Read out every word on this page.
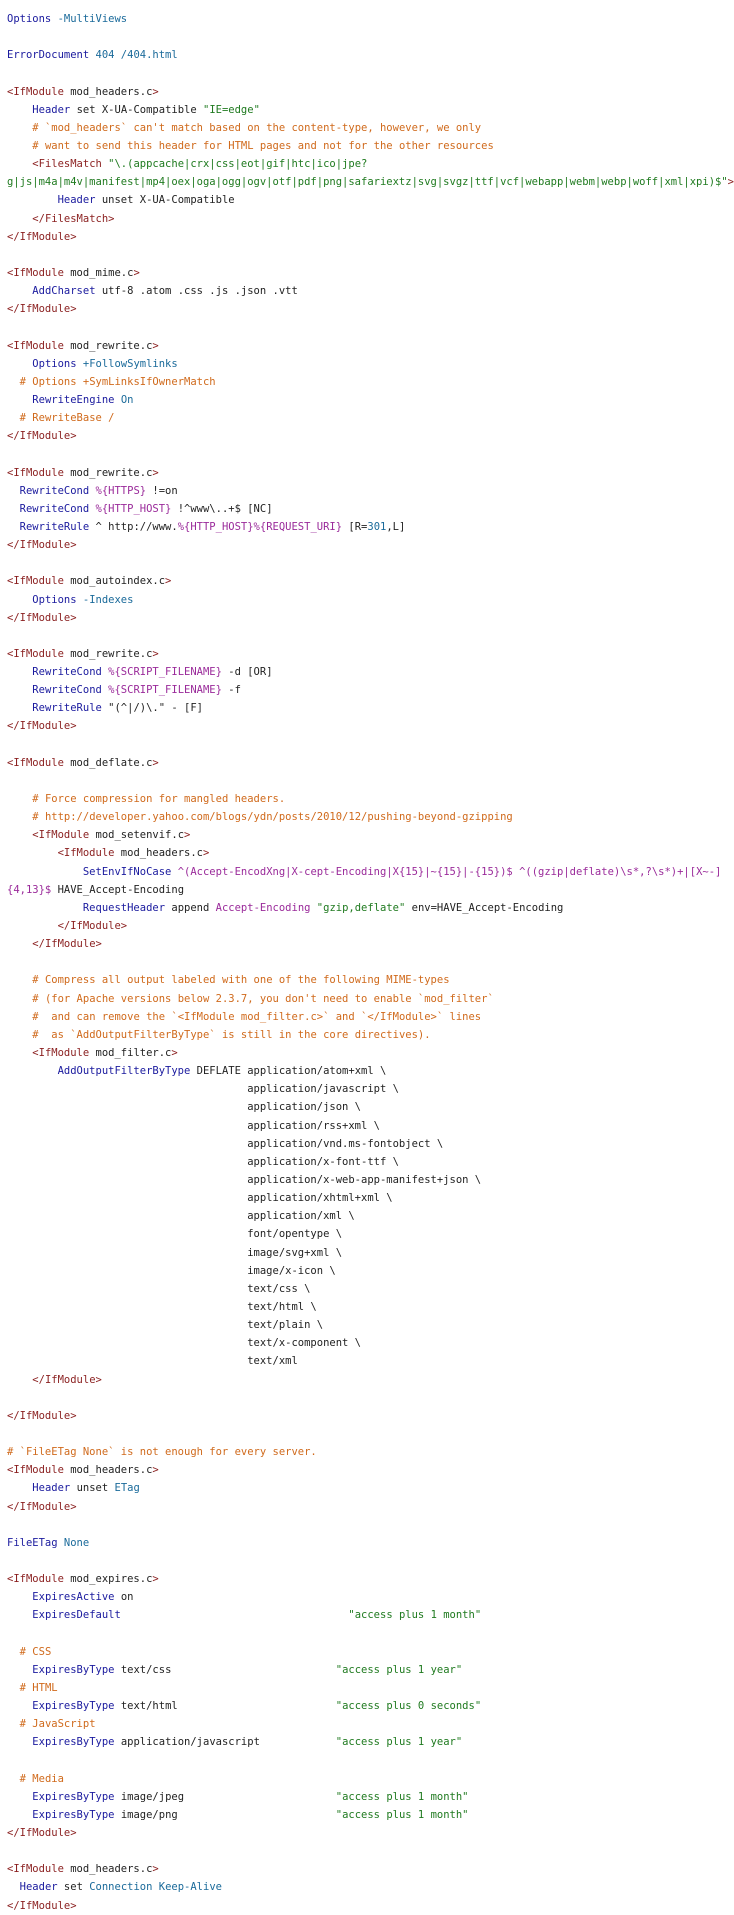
Options -MultiViews
ErrorDocument 404 /404.html
<IfModule mod_headers.c>
Header set X-UA-Compatible "IE=edge"
# `mod_headers` can't match based on the content-type, however, we only
# want to send this header for HTML pages and not for the other resources
<FilesMatch "\.(appcache|crx|css|eot|gif|htc|ico|jpe?
g|js|m4a|m4v|manifest|mp4|oex|oga|ogg|ogv|otf|pdf|png|safariextz|svg|svgz|ttf|vcf|webapp|webm|webp|woff|xml|xpi)$">
Header unset X-UA-Compatible
</FilesMatch>
</IfModule>
<IfModule mod_mime.c>
AddCharset utf-8 .atom .css .js .json .vtt
</IfModule>
<IfModule mod_rewrite.c>
Options +FollowSymlinks
# Options +SymLinksIfOwnerMatch
RewriteEngine On
# RewriteBase /
</IfModule>
<IfModule mod_rewrite.c>
RewriteCond %{HTTPS} !=on
RewriteCond %{HTTP_HOST} !^www\..+$ [NC]
RewriteRule ^ http://www.%{HTTP_HOST}%{REQUEST_URI} [R=301,L]
</IfModule>
<IfModule mod_autoindex.c>
Options -Indexes
</IfModule>
<IfModule mod_rewrite.c>
RewriteCond %{SCRIPT_FILENAME} -d [OR]
RewriteCond %{SCRIPT_FILENAME} -f
RewriteRule "(^|/)\." - [F]
</IfModule>
<IfModule mod_deflate.c>
# Force compression for mangled headers.
# http://developer.yahoo.com/blogs/ydn/posts/2010/12/pushing-beyond-gzipping
<IfModule mod_setenvif.c>
<IfModule mod_headers.c>
SetEnvIfNoCase ^(Accept-EncodXng|X-cept-Encoding|X{15}|~{15}|-{15})$ ^((gzip|deflate)\s*,?\s*)+|[X~-]
{4,13}$ HAVE_Accept-Encoding
RequestHeader append Accept-Encoding "gzip,deflate" env=HAVE_Accept-Encoding
</IfModule>
</IfModule>
# Compress all output labeled with one of the following MIME-types
# (for Apache versions below 2.3.7, you don't need to enable `mod_filter`
#  and can remove the `<IfModule mod_filter.c>` and `</IfModule>` lines
#  as `AddOutputFilterByType` is still in the core directives).
<IfModule mod_filter.c>
AddOutputFilterByType DEFLATE application/atom+xml \
application/javascript \
application/json \
application/rss+xml \
application/vnd.ms-fontobject \
application/x-font-ttf \
application/x-web-app-manifest+json \
application/xhtml+xml \
application/xml \
font/opentype \
image/svg+xml \
image/x-icon \
text/css \
text/html \
text/plain \
text/x-component \
text/xml
</IfModule>
</IfModule>
# `FileETag None` is not enough for every server.
<IfModule mod_headers.c>
Header unset ETag
</IfModule>
FileETag None
<IfModule mod_expires.c>
ExpiresActive on
ExpiresDefault	"access plus 1 month"
# CSS
ExpiresByType text/css                          "access plus 1 year"
# HTML
ExpiresByType text/html                         "access plus 0 seconds"
# JavaScript
ExpiresByType application/javascript            "access plus 1 year"
# Media
ExpiresByType image/jpeg                        "access plus 1 month"
ExpiresByType image/png                         "access plus 1 month"
</IfModule>
<IfModule mod_headers.c>
Header set Connection Keep-Alive
</IfModule>
